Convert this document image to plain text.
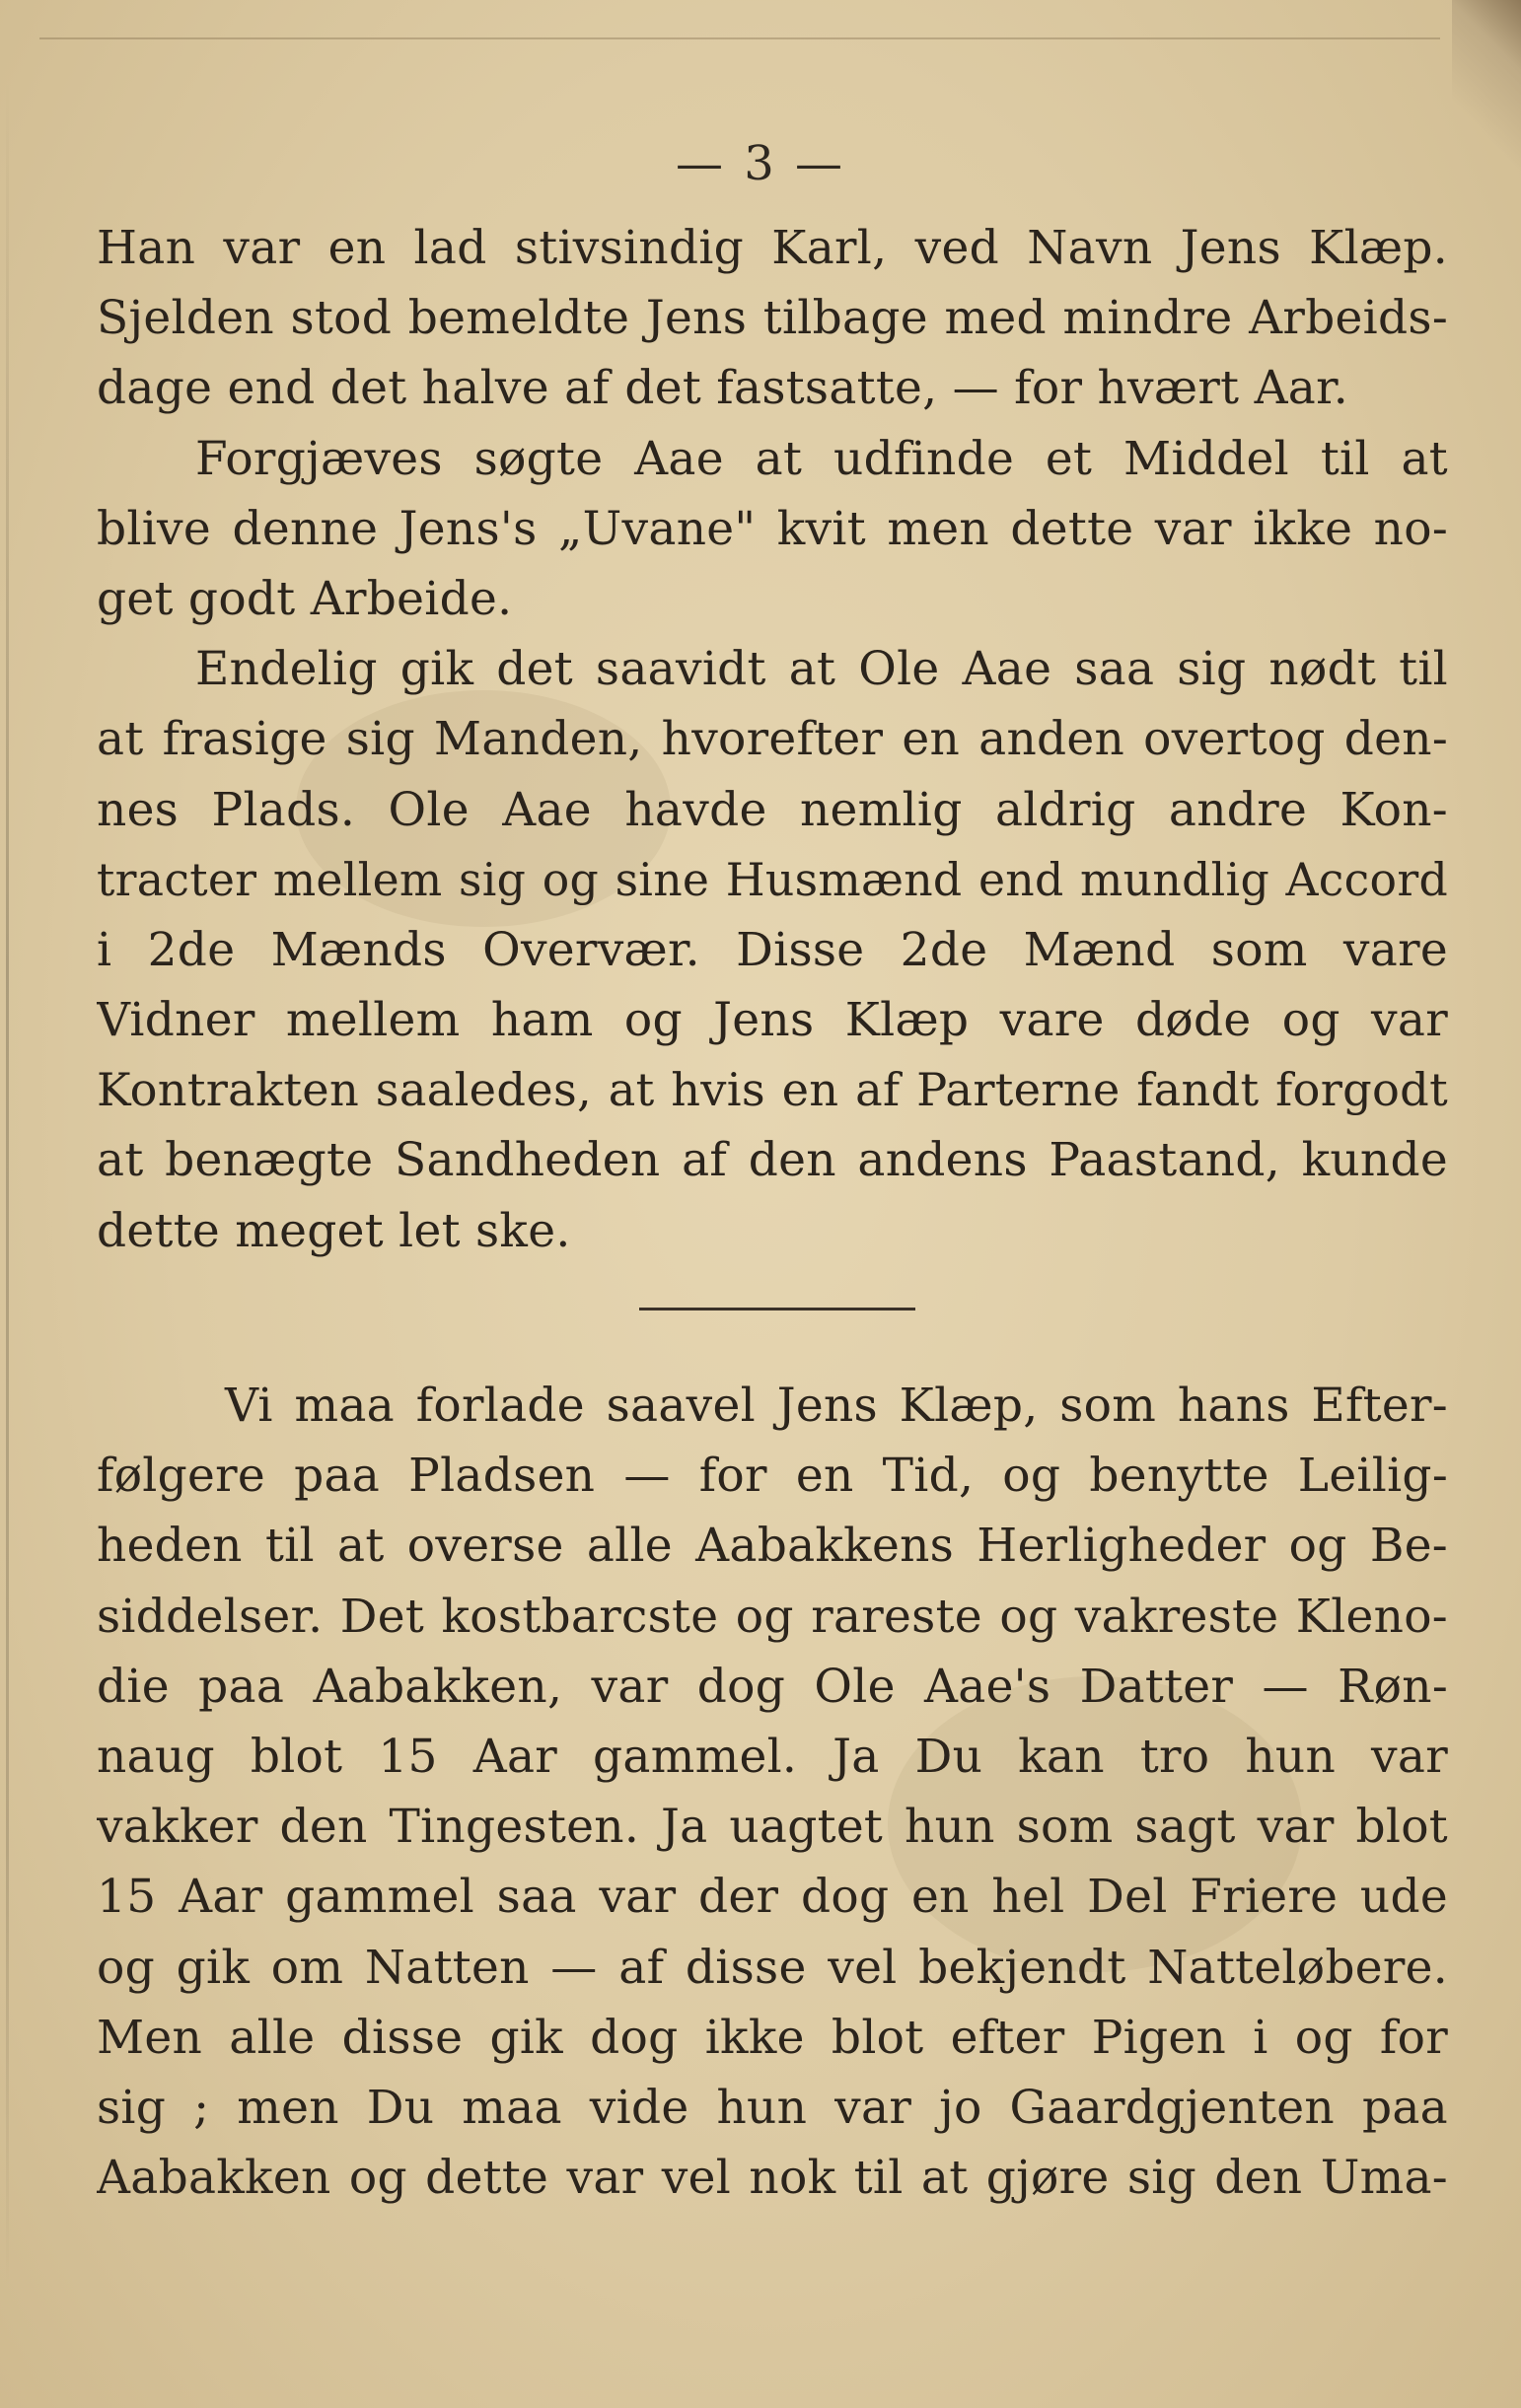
— 3 —
Han var en lad stivsindig Karl, ved Navn Jens Klæp.
Sjelden stod bemeldte Jens tilbage med mindre Arbeids-
dage end det halve af det fastsatte, — for hvært Aar.
Forgjæves søgte Aae at udfinde et Middel til at
blive denne Jens's „Uvane" kvit men dette var ikke no-
get godt Arbeide.
Endelig gik det saavidt at Ole Aae saa sig nødt til
at frasige sig Manden, hvorefter en anden overtog den-
nes Plads. Ole Aae havde nemlig aldrig andre Kon-
tracter mellem sig og sine Husmænd end mundlig Accord
i 2de Mænds Overvær. Disse 2de Mænd som vare
Vidner mellem ham og Jens Klæp vare døde og var
Kontrakten saaledes, at hvis en af Parterne fandt forgodt
at benægte Sandheden af den andens Paastand, kunde
dette meget let ske.
Vi maa forlade saavel Jens Klæp, som hans Efter-
følgere paa Pladsen — for en Tid, og benytte Leilig-
heden til at overse alle Aabakkens Herligheder og Be-
siddelser. Det kostbarcste og rareste og vakreste Kleno-
die paa Aabakken, var dog Ole Aae's Datter — Røn-
naug blot 15 Aar gammel. Ja Du kan tro hun var
vakker den Tingesten. Ja uagtet hun som sagt var blot
15 Aar gammel saa var der dog en hel Del Friere ude
og gik om Natten — af disse vel bekjendt Natteløbere.
Men alle disse gik dog ikke blot efter Pigen i og for
sig ; men Du maa vide hun var jo Gaardgjenten paa
Aabakken og dette var vel nok til at gjøre sig den Uma-
